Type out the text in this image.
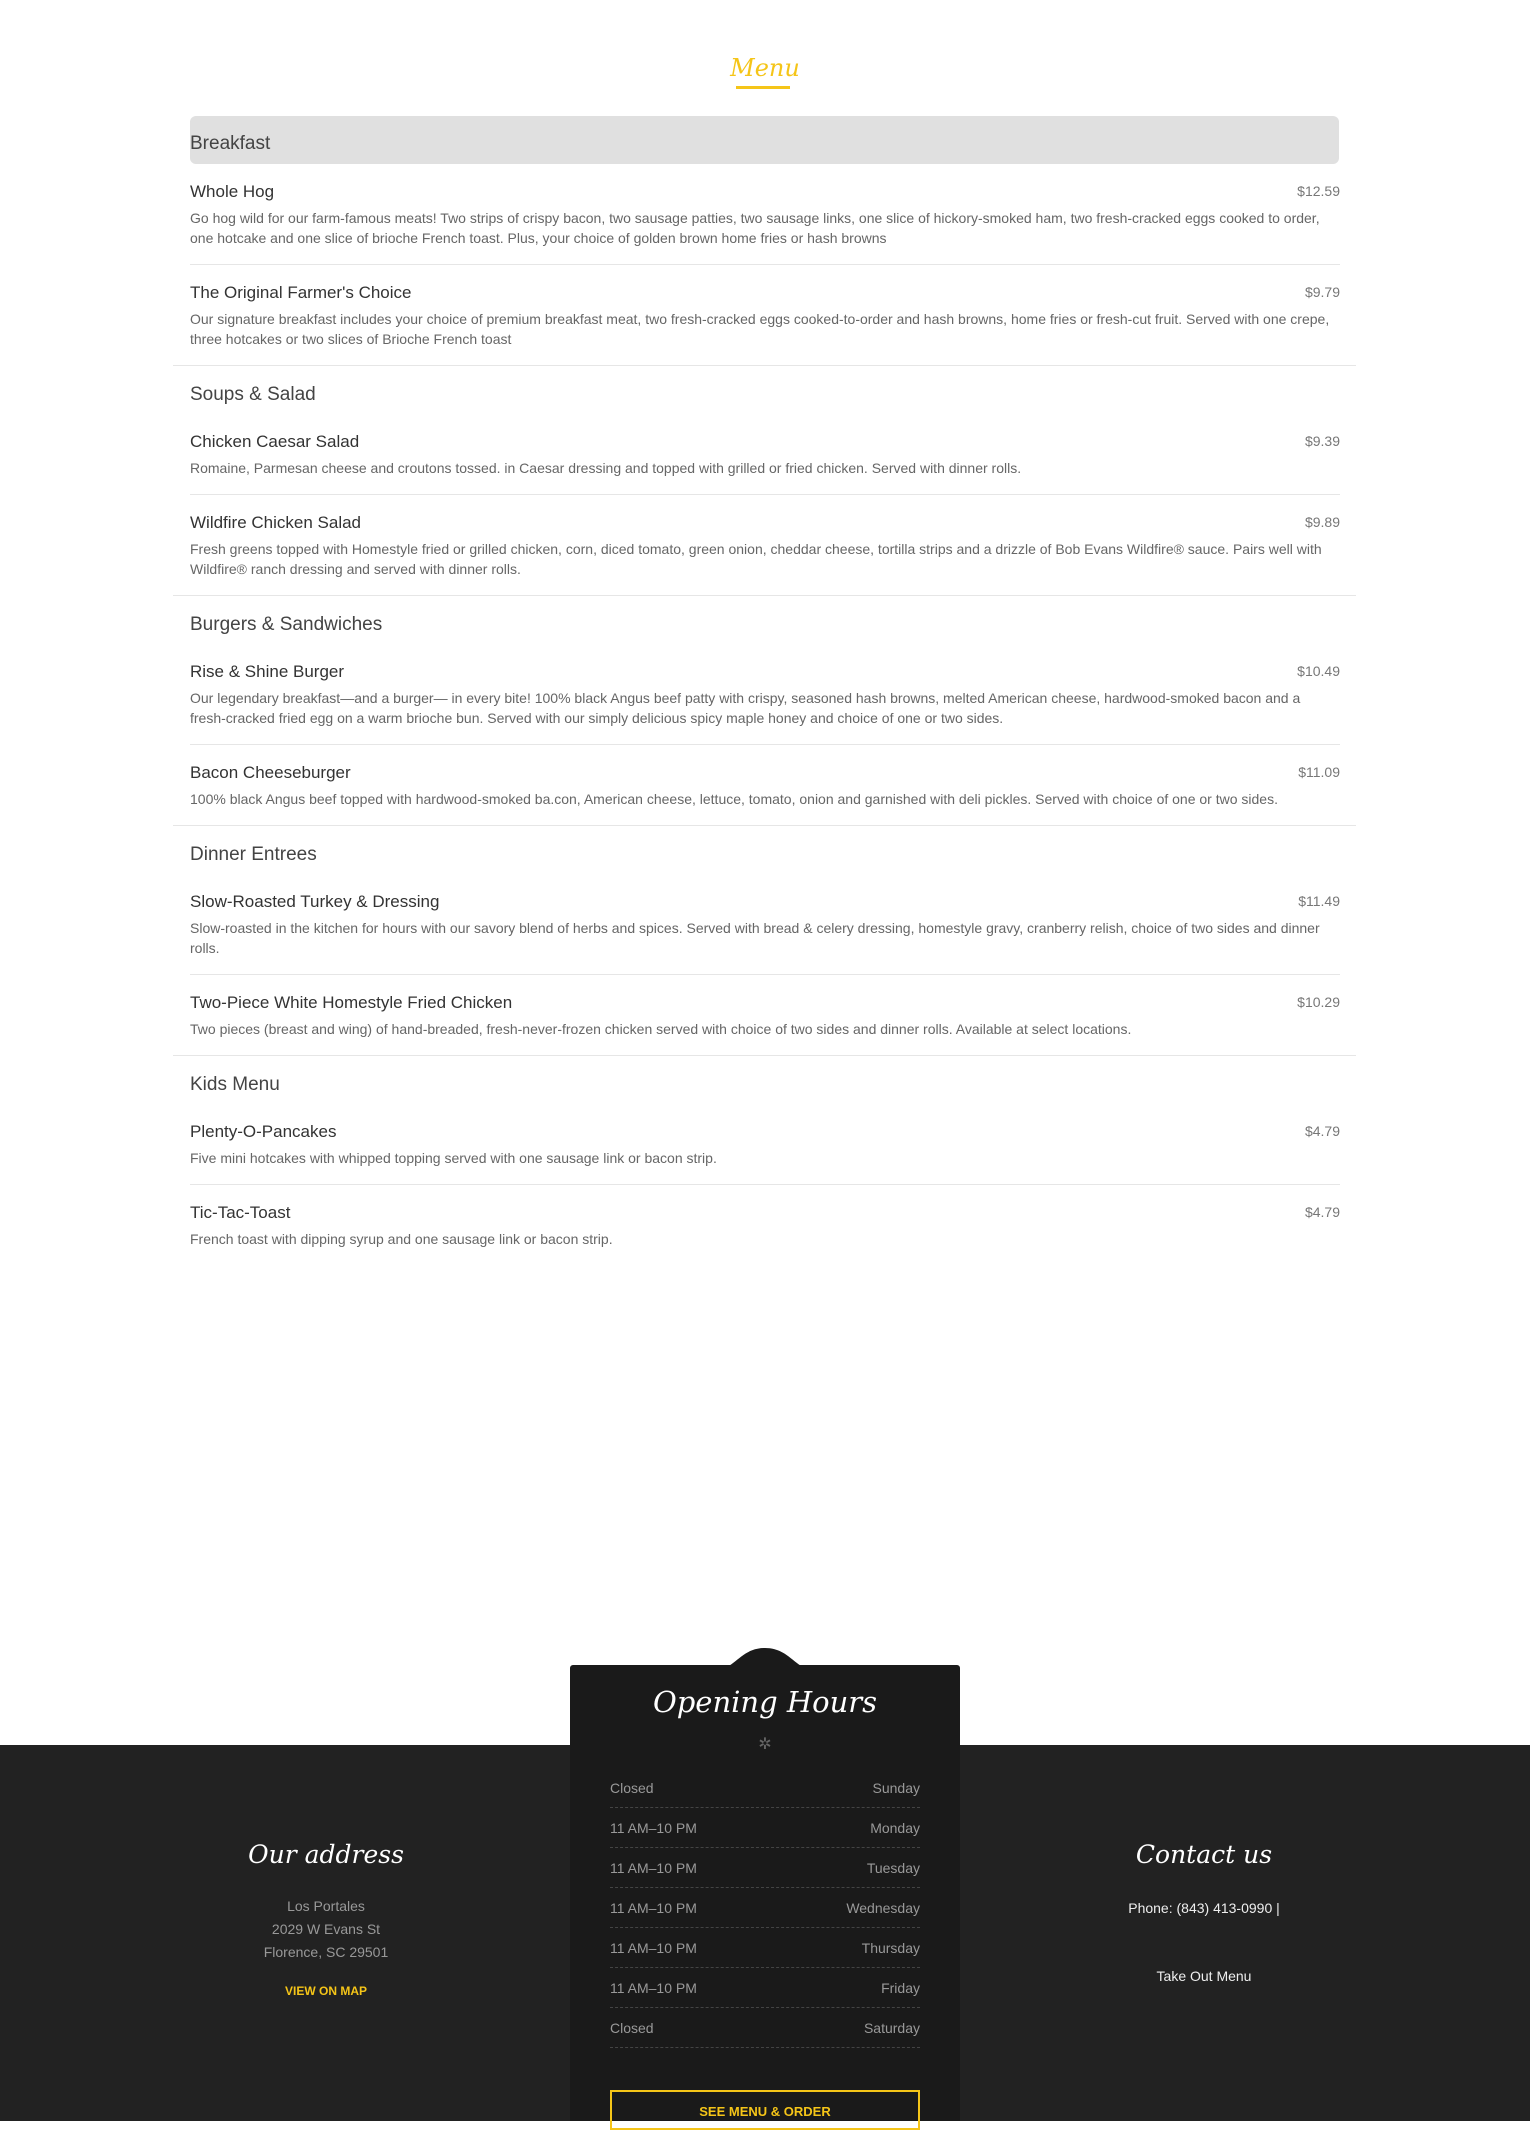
Menu
Breakfast
Whole Hog	$12.59
Go hog wild for our farm-famous meats! Two strips of crispy bacon, two sausage patties, two sausage links, one slice of hickory-smoked ham, two fresh-cracked eggs cooked to order, one hotcake and one slice of brioche French toast. Plus, your choice of golden brown home fries or hash browns
The Original Farmer's Choice	$9.79
Our signature breakfast includes your choice of premium breakfast meat, two fresh-cracked eggs cooked-to-order and hash browns, home fries or fresh-cut fruit. Served with one crepe, three hotcakes or two slices of Brioche French toast
Soups & Salad
Chicken Caesar Salad	$9.39
Romaine, Parmesan cheese and croutons tossed. in Caesar dressing and topped with grilled or fried chicken. Served with dinner rolls.
Wildfire Chicken Salad	$9.89
Fresh greens topped with Homestyle fried or grilled chicken, corn, diced tomato, green onion, cheddar cheese, tortilla strips and a drizzle of Bob Evans Wildfire® sauce. Pairs well with Wildfire® ranch dressing and served with dinner rolls.
Burgers & Sandwiches
Rise & Shine Burger	$10.49
Our legendary breakfast—and a burger— in every bite! 100% black Angus beef patty with crispy, seasoned hash browns, melted American cheese, hardwood-smoked bacon and a fresh-cracked fried egg on a warm brioche bun. Served with our simply delicious spicy maple honey and choice of one or two sides.
Bacon Cheeseburger	$11.09
100% black Angus beef topped with hardwood-smoked ba.con, American cheese, lettuce, tomato, onion and garnished with deli pickles. Served with choice of one or two sides.
Dinner Entrees
Slow-Roasted Turkey & Dressing	$11.49
Slow-roasted in the kitchen for hours with our savory blend of herbs and spices. Served with bread & celery dressing, homestyle gravy, cranberry relish, choice of two sides and dinner rolls.
Two-Piece White Homestyle Fried Chicken	$10.29
Two pieces (breast and wing) of hand-breaded, fresh-never-frozen chicken served with choice of two sides and dinner rolls. Available at select locations.
Kids Menu
Plenty-O-Pancakes	$4.79
Five mini hotcakes with whipped topping served with one sausage link or bacon strip.
Tic-Tac-Toast	$4.79
French toast with dipping syrup and one sausage link or bacon strip.
Opening Hours
✲
Closed	Sunday
11 AM–10 PM	Monday
11 AM–10 PM	Tuesday
11 AM–10 PM	Wednesday
11 AM–10 PM	Thursday
11 AM–10 PM	Friday
Closed	Saturday
SEE MENU & ORDER
Our address
Los Portales
2029 W Evans St
Florence, SC 29501
VIEW ON MAP
Contact us
Phone: (843) 413-0990 |
Take Out Menu
